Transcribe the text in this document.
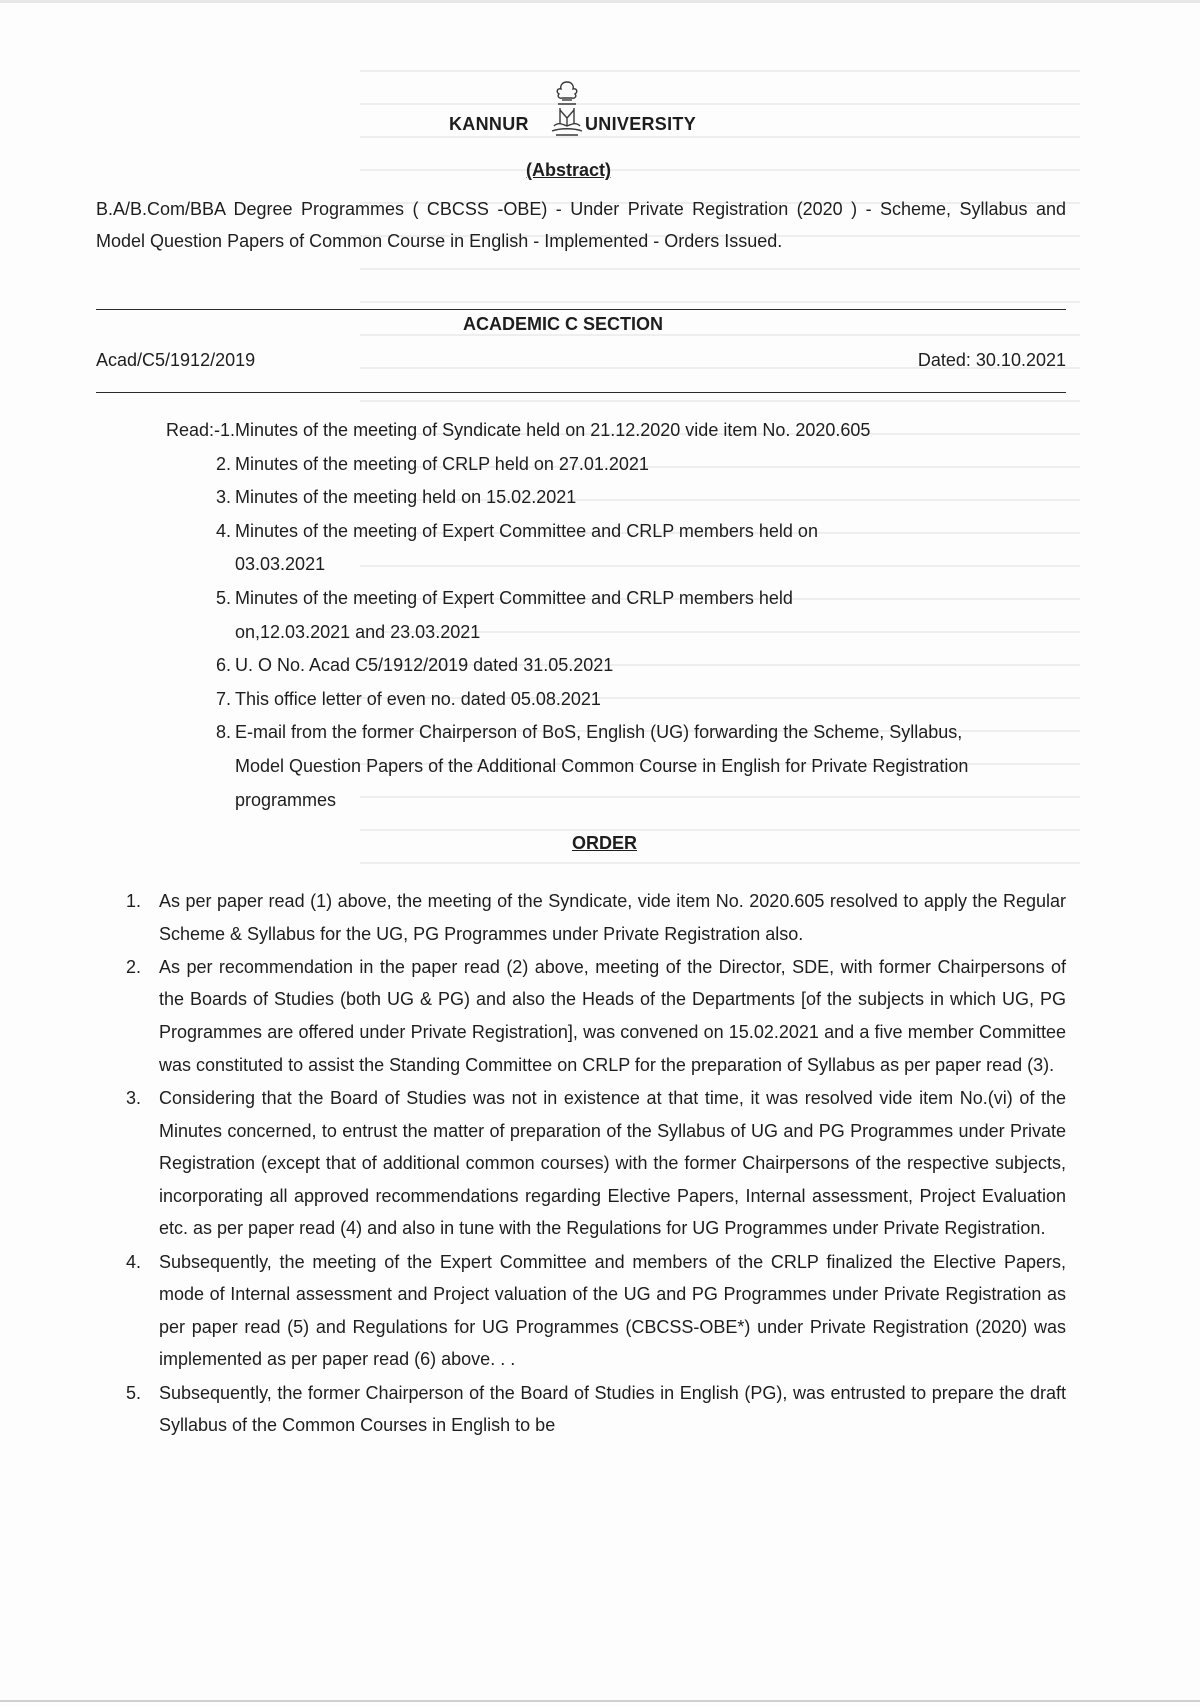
KANNUR	UNIVERSITY
(Abstract)
B.A/B.Com/BBA Degree Programmes ( CBCSS -OBE) - Under Private Registration (2020 ) - Scheme, Syllabus and Model Question Papers of Common Course in English - Implemented - Orders Issued.
ACADEMIC C SECTION
Acad/C5/1912/2019	Dated: 30.10.2021

Read:-1. Minutes of the meeting of Syndicate held on 21.12.2020 vide item No. 2020.605

2. Minutes of the meeting of CRLP held on 27.01.2021

3. Minutes of the meeting held on 15.02.2021

4. Minutes of the meeting of Expert Committee and CRLP members held on 03.03.2021

5. Minutes of the meeting of Expert Committee and CRLP members held on,12.03.2021 and 23.03.2021

6. U. O No. Acad C5/1912/2019 dated 31.05.2021

7. This office letter of even no. dated 05.08.2021

8. E-mail from the former Chairperson of BoS, English (UG) forwarding the Scheme, Syllabus, Model Question Papers of the Additional Common Course in English for Private Registration programmes

ORDER
1. As per paper read (1) above, the meeting of the Syndicate, vide item No. 2020.605 resolved to apply the Regular Scheme & Syllabus for the UG, PG Programmes under Private Registration also.
2. As per recommendation in the paper read (2) above, meeting of the Director, SDE, with former Chairpersons of the Boards of Studies (both UG & PG) and also the Heads of the Departments [of the subjects in which UG, PG Programmes are offered under Private Registration], was convened on 15.02.2021 and a five member Committee was constituted to assist the Standing Committee on CRLP for the preparation of Syllabus as per paper read (3).
3. Considering that the Board of Studies was not in existence at that time, it was resolved vide item No.(vi) of the Minutes concerned, to entrust the matter of preparation of the Syllabus of UG and PG Programmes under Private Registration (except that of additional common courses) with the former Chairpersons of the respective subjects, incorporating all approved recommendations regarding Elective Papers, Internal assessment, Project Evaluation etc. as per paper read (4) and also in tune with the Regulations for UG Programmes under Private Registration.
4. Subsequently, the meeting of the Expert Committee and members of the CRLP finalized the Elective Papers, mode of Internal assessment and Project valuation of the UG and PG Programmes under Private Registration as per paper read (5) and Regulations for UG Programmes (CBCSS-OBE*) under Private Registration (2020) was implemented as per paper read (6) above. . .
5. Subsequently, the former Chairperson of the Board of Studies in English (PG), was entrusted to prepare the draft Syllabus of the Common Courses in English to be
